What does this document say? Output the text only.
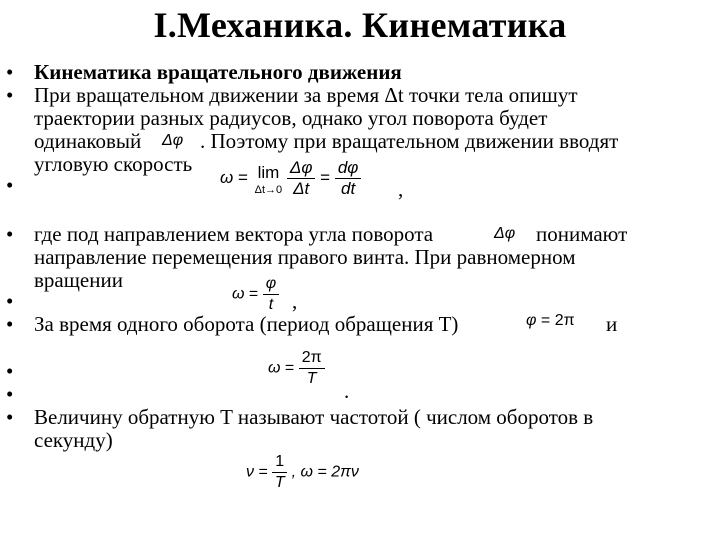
I.Механика. Кинематика
•
•
•
•
•
•
•
•
•
Кинематика вращательного движения
При вращательном движении за время Δt точки тела опишут
траектории разных радиусов, однако угол поворота будет
одинаковый Δφ . Поэтому при вращательном движении вводят
угловую скорость
ω = lim
Δt→0
$\frac{\Delta\varphi}{\Delta t} = \frac{d\varphi}{dt}$ ,
где под направлением вектора угла поворота	Δφ понимают
направление перемещения правого винта. При равномерном
вращении
$\omega = \frac{\varphi}{t}$ ,
За время одного оборота (период обращения T)	φ = 2π и
$\omega = \frac{2\pi}{T}$
.
Величину обратную T называют частотой ( числом оборотов в
секунду)
$\nu = \frac{1}{T}$ , ω = 2πν
